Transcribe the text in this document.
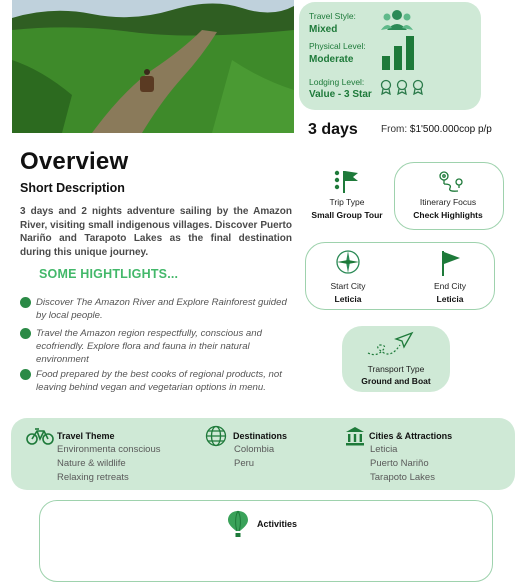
Travel Style:
Mixed
Physical Level:
Moderate
Lodging Level:
Value - 3 Star
3 days From: $1'500.000cop p/p
Overview
Short Description
3 days and 2 nights adventure sailing by the Amazon River, visiting small indigenous villages. Discover Puerto Nariño and Tarapoto Lakes as the final destination during this unique journey.
SOME HIGHTLIGHTS...
Discover The Amazon River and Explore Rainforest guided by local people.
Travel the Amazon region respectfully, conscious and ecofriendly. Explore flora and fauna in their natural environment
Food prepared by the best cooks of regional products, not leaving behind vegan and vegetarian options in menu.
Trip Type
Small Group Tour
Itinerary Focus
Check Highlights
Start City
Leticia
End City
Leticia
Transport Type
Ground and Boat
Travel Theme
Environmenta conscious
Nature & wildlife
Relaxing retreats
Destinations
Colombia
Peru
Cities & Attractions
Leticia
Puerto Nariño
Tarapoto Lakes
Activities
